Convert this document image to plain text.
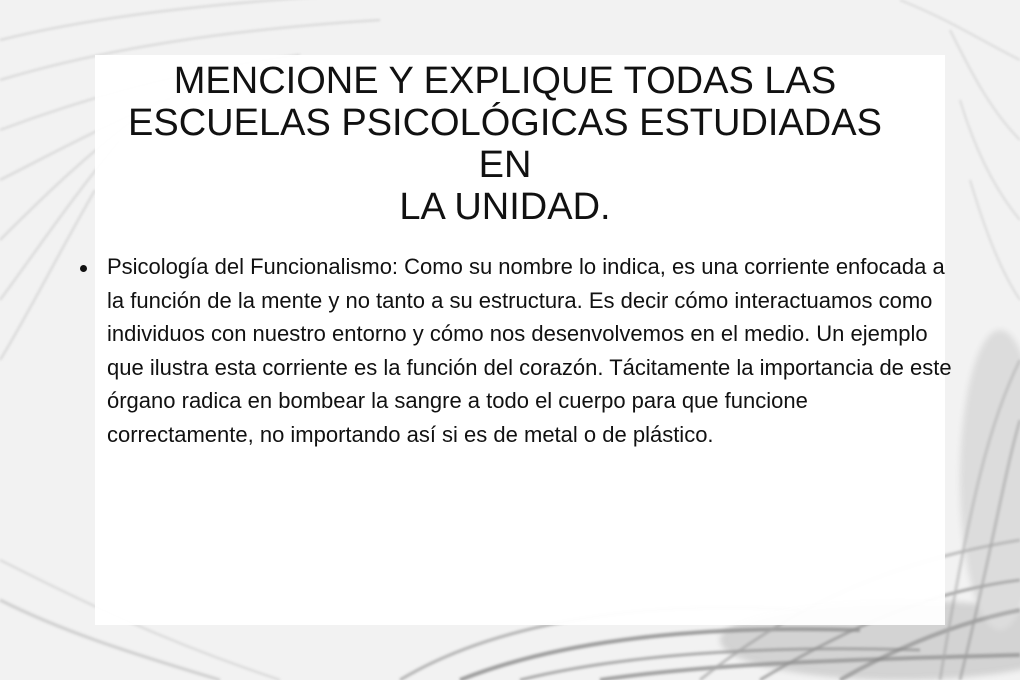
MENCIONE Y EXPLIQUE TODAS LAS
ESCUELAS PSICOLÓGICAS ESTUDIADAS
EN
LA UNIDAD.
Psicología del Funcionalismo: Como su nombre lo indica, es una corriente enfocada a la función de la mente y no tanto a su estructura. Es decir cómo interactuamos como individuos con nuestro entorno y cómo nos desenvolvemos en el medio. Un ejemplo que ilustra esta corriente es la función del corazón. Tácitamente la importancia de este órgano radica en bombear la sangre a todo el cuerpo para que funcione correctamente, no importando así si es de metal o de plástico.
